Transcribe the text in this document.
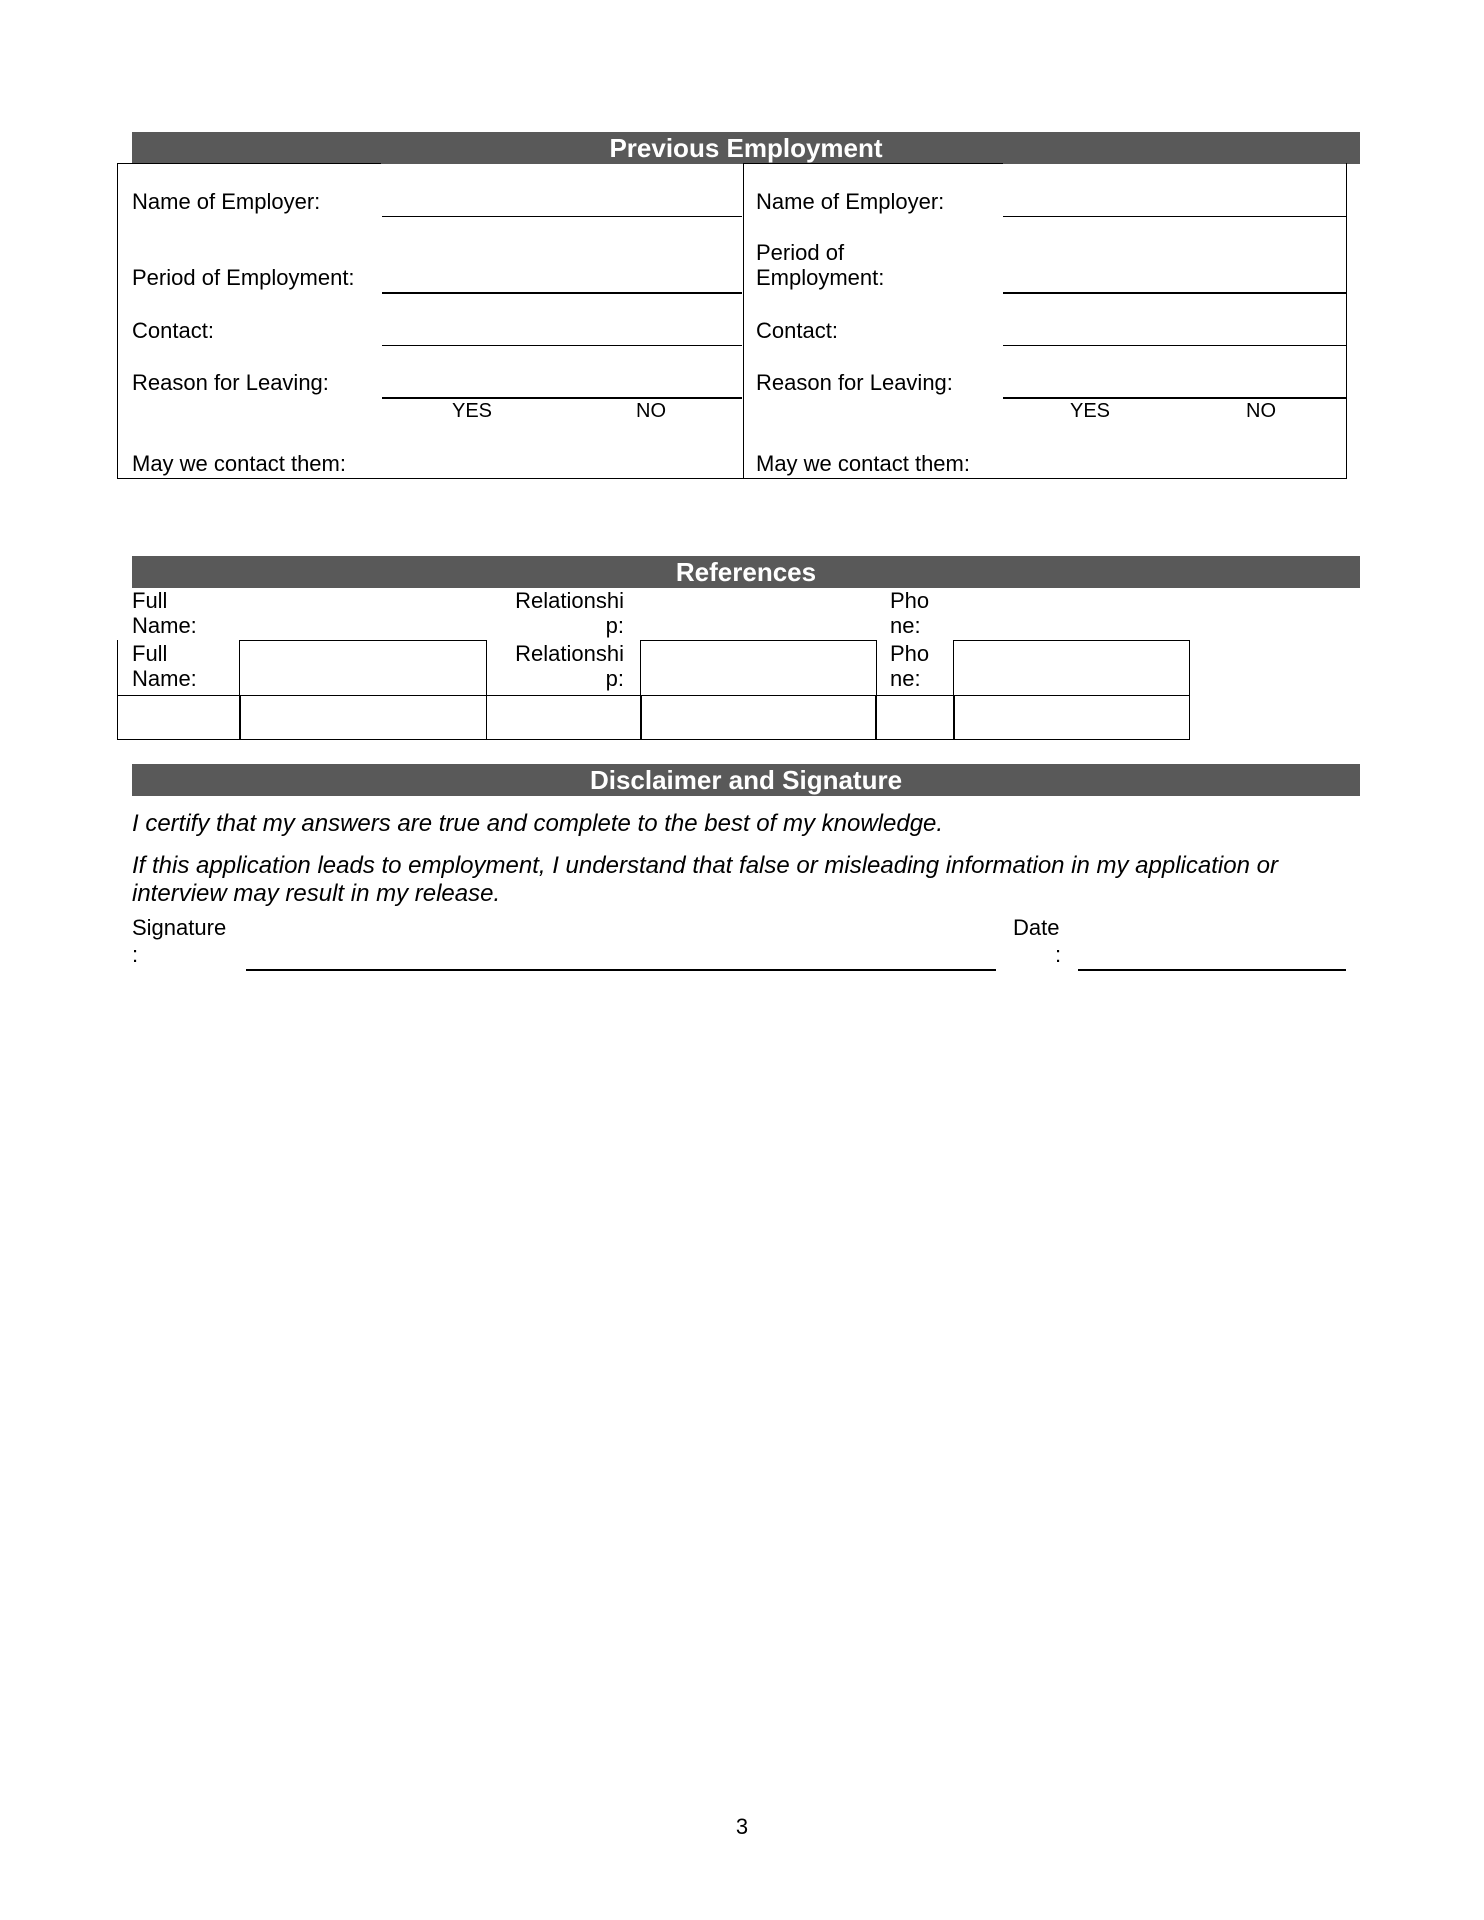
Previous Employment
Name of Employer:
Period of Employment:
Contact:
Reason for Leaving:
YES	NO
May we contact them:
Name of Employer:
Period of
Employment:
Contact:
Reason for Leaving:
YES	NO
May we contact them:
References
Full
Name:
Relationshi
p:
Pho
ne:
Full
Name:
Relationshi
p:
Pho
ne:
Disclaimer and Signature
I certify that my answers are true and complete to the best of my knowledge.
If this application leads to employment, I understand that false or misleading information in my application or
interview may result in my release.
Signature
:
Date
:
3
